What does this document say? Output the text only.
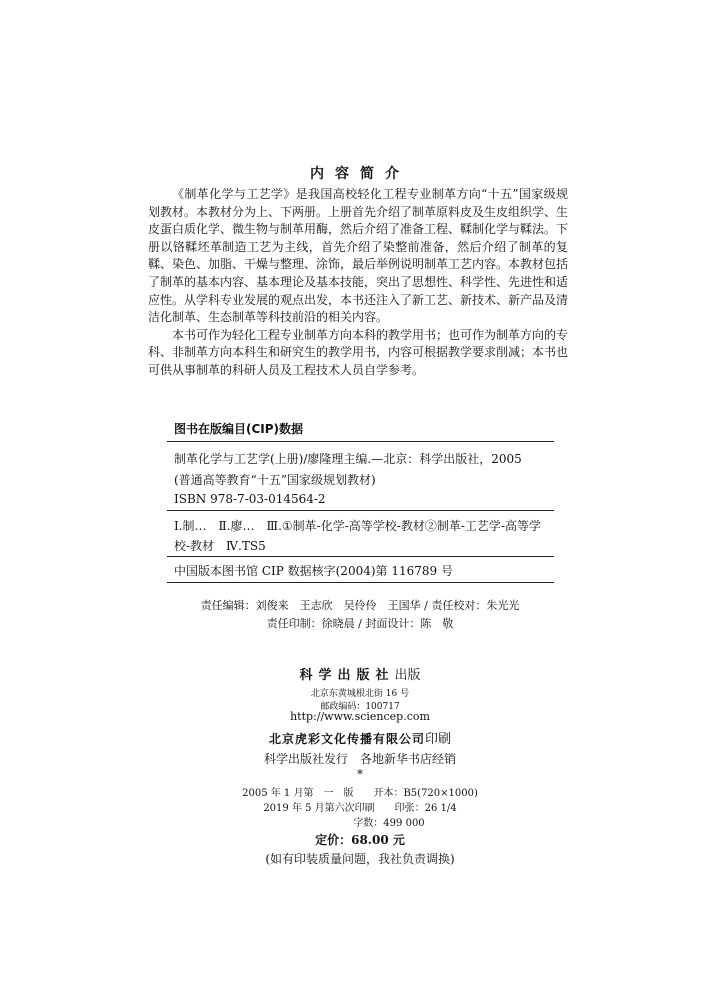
内容简介

《制革化学与工艺学》是我国高校轻化工程专业制革方向“十五”国家级规划教材。本教材分为上、下两册。上册首先介绍了制革原料皮及生皮组织学、生皮蛋白质化学、微生物与制革用酶，然后介绍了准备工程、鞣制化学与鞣法。下册以铬鞣坯革制造工艺为主线，首先介绍了染整前准备，然后介绍了制革的复鞣、染色、加脂、干燥与整理、涂饰，最后举例说明制革工艺内容。本教材包括了制革的基本内容、基本理论及基本技能，突出了思想性、科学性、先进性和适应性。从学科专业发展的观点出发，本书还注入了新工艺、新技术、新产品及清洁化制革、生态制革等科技前沿的相关内容。

本书可作为轻化工程专业制革方向本科的教学用书；也可作为制革方向的专科、非制革方向本科生和研究生的教学用书，内容可根据教学要求削减；本书也可供从事制革的科研人员及工程技术人员自学参考。

图书在版编目(CIP)数据
制革化学与工艺学(上册)/廖隆理主编.—北京：科学出版社，2005
(普通高等教育“十五”国家级规划教材)
ISBN 978-7-03-014564-2
Ⅰ.制…　Ⅱ.廖…　Ⅲ.①制革-化学-高等学校-教材②制革-工艺学-高等学校-教材　Ⅳ.TS5
中国版本图书馆 CIP 数据核字(2004)第 116789 号
责任编辑：刘俊来　王志欣　吴伶伶　王国华 / 责任校对：朱光光
责任印制：徐晓晨 / 封面设计：陈　敬
科学出版社出版
北京东黄城根北街 16 号
邮政编码：100717
http://www.sciencep.com
北京虎彩文化传播有限公司印刷
科学出版社发行　各地新华书店经销
*
2005 年 1 月第　一　版　　开本：B5(720×1000)
2019 年 5 月第六次印刷　　印张：26 1/4
字数：499 000
定价：68.00 元
(如有印装质量问题，我社负责调换)
